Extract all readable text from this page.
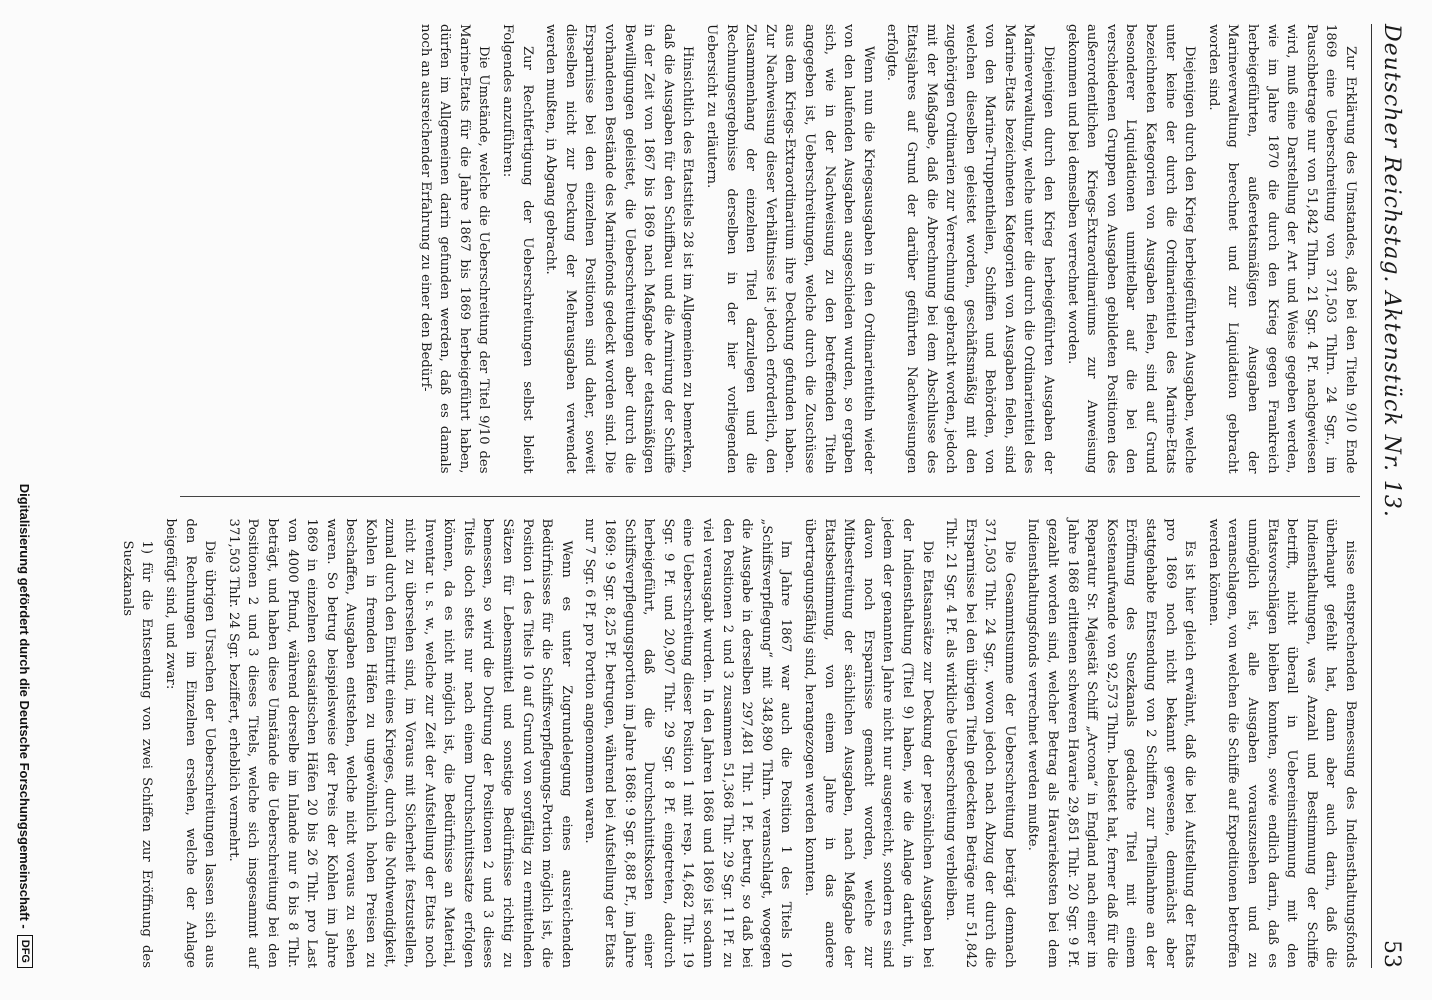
Deutscher Reichstag. Aktenstück Nr. 13.
53

Zur Erklärung des Umstandes, daß bei den Titeln 9/10 Ende 1869 eine Ueberschreitung von 371,503 Thlrn. 24 Sgr., im Pauschbetrage nur von 51,842 Thlrn. 21 Sgr. 4 Pf. nachgewiesen wird, muß eine Darstellung der Art und Weise gegeben werden, wie im Jahre 1870 die durch den Krieg gegen Frankreich herbeigeführten, außeretatsmäßigen Ausgaben der Marineverwaltung berechnet und zur Liquidation gebracht worden sind.

Diejenigen durch den Krieg herbeigeführten Ausgaben, welche unter keine der durch die Ordinarientitel des Marine-Etats bezeichneten Kategorien von Ausgaben fielen, sind auf Grund besonderer Liquidationen unmittelbar auf die bei den verschiedenen Gruppen von Ausgaben gebildeten Positionen des außerordentlichen Kriegs-Extraordinariums zur Anweisung gekommen und bei demselben verrechnet worden.

Diejenigen durch den Krieg herbeigeführten Ausgaben der Marineverwaltung, welche unter die durch die Ordinarientitel des Marine-Etats bezeichneten Kategorien von Ausgaben fielen, sind von den Marine-Truppentheilen, Schiffen und Behörden, von welchen dieselben geleistet worden, geschäftsmäßig mit den zugehörigen Ordinarien zur Verrechnung gebracht worden, jedoch mit der Maßgabe, daß die Abrechnung bei dem Abschlusse des Etatsjahres auf Grund der darüber geführten Nachweisungen erfolgte.

Wenn nun die Kriegsausgaben in den Ordinarientiteln wieder von den laufenden Ausgaben ausgeschieden wurden, so ergaben sich, wie in der Nachweisung zu den betreffenden Titeln angegeben ist, Ueberschreitungen, welche durch die Zuschüsse aus dem Kriegs-Extraordinarium ihre Deckung gefunden haben. Zur Nachweisung dieser Verhältnisse ist jedoch erforderlich, den Zusammenhang der einzelnen Titel darzulegen und die Rechnungsergebnisse derselben in der hier vorliegenden Uebersicht zu erläutern.

Hinsichtlich des Etatstitels 28 ist im Allgemeinen zu bemerken, daß die Ausgaben für den Schiffbau und die Armirung der Schiffe in der Zeit von 1867 bis 1869 nach Maßgabe der etatsmäßigen Bewilligungen geleistet, die Ueberschreitungen aber durch die vorhandenen Bestände des Marinefonds gedeckt worden sind. Die Ersparnisse bei den einzelnen Positionen sind daher, soweit dieselben nicht zur Deckung der Mehrausgaben verwendet werden mußten, in Abgang gebracht.

Zur Rechtfertigung der Ueberschreitungen selbst bleibt Folgendes anzuführen:

Die Umstände, welche die Ueberschreitung der Titel 9/10 des Marine-Etats für die Jahre 1867 bis 1869 herbeigeführt haben, dürfen im Allgemeinen darin gefunden werden, daß es damals noch an ausreichender Erfahrung zu einer den Bedürf-

nisse entsprechenden Bemessung des Indiensthaltungsfonds überhaupt gefehlt hat, dann aber auch darin, daß die Indiensthaltungen, was Anzahl und Bestimmung der Schiffe betrifft, nicht überall in Uebereinstimmung mit den Etatsvorschlägen bleiben konnten, sowie endlich darin, daß es unmöglich ist, alle Ausgaben vorauszusehen und zu veranschlagen, von welchen die Schiffe auf Expeditionen betroffen werden können.

Es ist hier gleich erwähnt, daß die bei Aufstellung der Etats pro 1869 noch nicht bekannt gewesene, demnächst aber stattgehabte Entsendung von 2 Schiffen zur Theilnahme an der Eröffnung des Suezkanals gedachte Titel mit einem Kostenaufwande von 92,573 Thlrn. belastet hat, ferner daß für die Reparatur Sr. Majestät Schiff „Arcona“ in England nach einer im Jahre 1868 erlittenen schweren Havarie 29,851 Thlr. 20 Sgr. 9 Pf. gezahlt worden sind, welcher Betrag als Havariekosten bei dem Indiensthaltungsfonds verrechnet werden mußte.

Die Gesammtsumme der Ueberschreitung beträgt demnach 371,503 Thlr. 24 Sgr., wovon jedoch nach Abzug der durch die Ersparnisse bei den übrigen Titeln gedeckten Beträge nur 51,842 Thlr. 21 Sgr. 4 Pf. als wirkliche Ueberschreitung verbleiben.

Die Etatsansätze zur Deckung der persönlichen Ausgaben bei der Indiensthaltung (Titel 9) haben, wie die Anlage darthut, in jedem der genannten Jahre nicht nur ausgereicht, sondern es sind davon noch Ersparnisse gemacht worden, welche zur Mitbestreitung der sächlichen Ausgaben, nach Maßgabe der Etatsbestimmung, von einem Jahre in das andere übertragungsfähig sind, herangezogen werden konnten.

Im Jahre 1867 war auch die Position 1 des Titels 10 „Schiffsverpflegung“ mit 348,890 Thlrn. veranschlagt, wogegen die Ausgabe in derselben 297,481 Thlr. 1 Pf. betrug, so daß bei den Positionen 2 und 3 zusammen 51,368 Thlr. 29 Sgr. 11 Pf. zu viel verausgabt wurden. In den Jahren 1868 und 1869 ist sodann eine Ueberschreitung dieser Position 1 mit resp. 14,682 Thlr. 19 Sgr. 9 Pf. und 20,907 Thlr. 29 Sgr. 8 Pf. eingetreten, dadurch herbeigeführt, daß die Durchschnittskosten einer Schiffsverpflegungsportion im Jahre 1868: 9 Sgr. 8,88 Pf., im Jahre 1869: 9 Sgr. 8,25 Pf. betrugen, während bei Aufstellung der Etats nur 7 Sgr. 6 Pf. pro Portion angenommen waren.

Wenn es unter Zugrundelegung eines ausreichenden Bedürfnisses für die Schiffsverpflegungs-Portion möglich ist, die Position 1 des Titels 10 auf Grund von sorgfältig zu ermittelnden Sätzen für Lebensmittel und sonstige Bedürfnisse richtig zu bemessen, so wird die Dotirung der Positionen 2 und 3 dieses Titels doch stets nur nach einem Durchschnittssatze erfolgen können, da es nicht möglich ist, die Bedürfnisse an Material, Inventar u. s. w., welche zur Zeit der Aufstellung der Etats noch nicht zu übersehen sind, im Voraus mit Sicherheit festzustellen, zumal durch den Eintritt eines Krieges, durch die Nothwendigkeit, Kohlen in fremden Häfen zu ungewöhnlich hohen Preisen zu beschaffen, Ausgaben entstehen, welche nicht voraus zu sehen waren. So betrug beispielsweise der Preis der Kohlen im Jahre 1869 in einzelnen ostasiatischen Häfen 20 bis 26 Thlr. pro Last von 4000 Pfund, während derselbe im Inlande nur 6 bis 8 Thlr. beträgt, und haben diese Umstände die Ueberschreitung bei den Positionen 2 und 3 dieses Titels, welche sich insgesammt auf 371,503 Thlr. 24 Sgr. beziffert, erheblich vermehrt.

Die übrigen Ursachen der Ueberschreitungen lassen sich aus den Rechnungen im Einzelnen ersehen, welche der Anlage beigefügt sind, und zwar:

1) für die Entsendung von zwei Schiffen zur Eröffnung des Suezkanals

Digitalisierung gefördert durch die Deutsche Forschungsgemeinschaft -
DFG
